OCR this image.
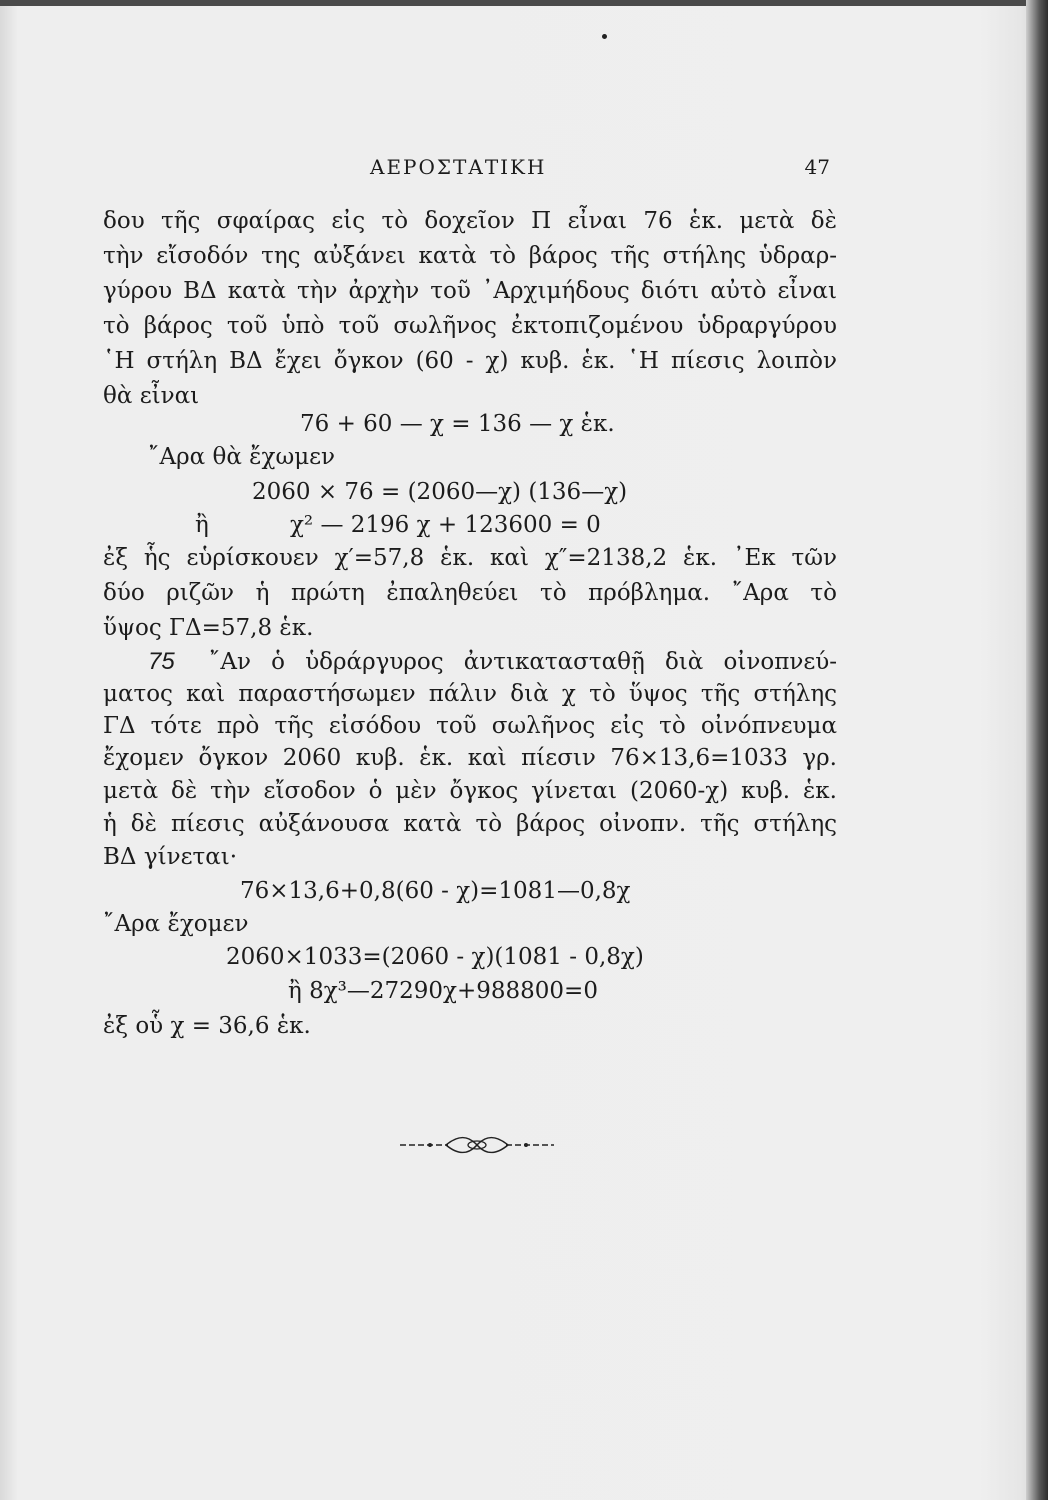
ΑΕΡΟΣΤΑΤΙΚΗ	47
δου τῆς σφαίρας εἰς τὸ δοχεῖον Π εἶναι 76 ἑκ. μετὰ δὲ
τὴν εἴσοδόν της αὐξάνει κατὰ τὸ βάρος τῆς στήλης ὑδραρ-
γύρου ΒΔ κατὰ τὴν ἀρχὴν τοῦ ᾿Αρχιμήδους διότι αὐτὸ εἶναι
τὸ βάρος τοῦ ὑπὸ τοῦ σωλῆνος ἐκτοπιζομένου ὑδραργύρου
῾Η στήλη ΒΔ ἔχει ὄγκον (60 - χ) κυβ. ἑκ. ῾Η πίεσις λοιπὸν
θὰ εἶναι
76 + 60 — χ = 136 — χ ἑκ.
῎Αρα θὰ ἔχωμεν
2060 × 76 = (2060—χ) (136—χ)
ἢ	χ² — 2196 χ + 123600 = 0
ἐξ ἧς εὑρίσκουεν χ′=57,8 ἑκ. καὶ χ″=2138,2 ἑκ. ᾿Εκ τῶν
δύο ριζῶν ἡ πρώτη ἐπαληθεύει τὸ πρόβλημα. ῎Αρα τὸ
ὕψος ΓΔ=57,8 ἑκ.
75 ῎Αν ὁ ὑδράργυρος ἀντικατασταθῇ διὰ οἰνοπνεύ-
ματος καὶ παραστήσωμεν πάλιν διὰ χ τὸ ὕψος τῆς στήλης
ΓΔ τότε πρὸ τῆς εἰσόδου τοῦ σωλῆνος εἰς τὸ οἰνόπνευμα
ἔχομεν ὄγκον 2060 κυβ. ἑκ. καὶ πίεσιν 76×13,6=1033 γρ.
μετὰ δὲ τὴν εἴσοδον ὁ μὲν ὄγκος γίνεται (2060-χ) κυβ. ἑκ.
ἡ δὲ πίεσις αὐξάνουσα κατὰ τὸ βάρος οἰνοπν. τῆς στήλης
ΒΔ γίνεται·
76×13,6+0,8(60 - χ)=1081—0,8χ
῎Αρα ἔχομεν
2060×1033=(2060 - χ)(1081 - 0,8χ)
ἢ 8χ³—27290χ+988800=0
ἐξ οὗ χ = 36,6 ἑκ.
